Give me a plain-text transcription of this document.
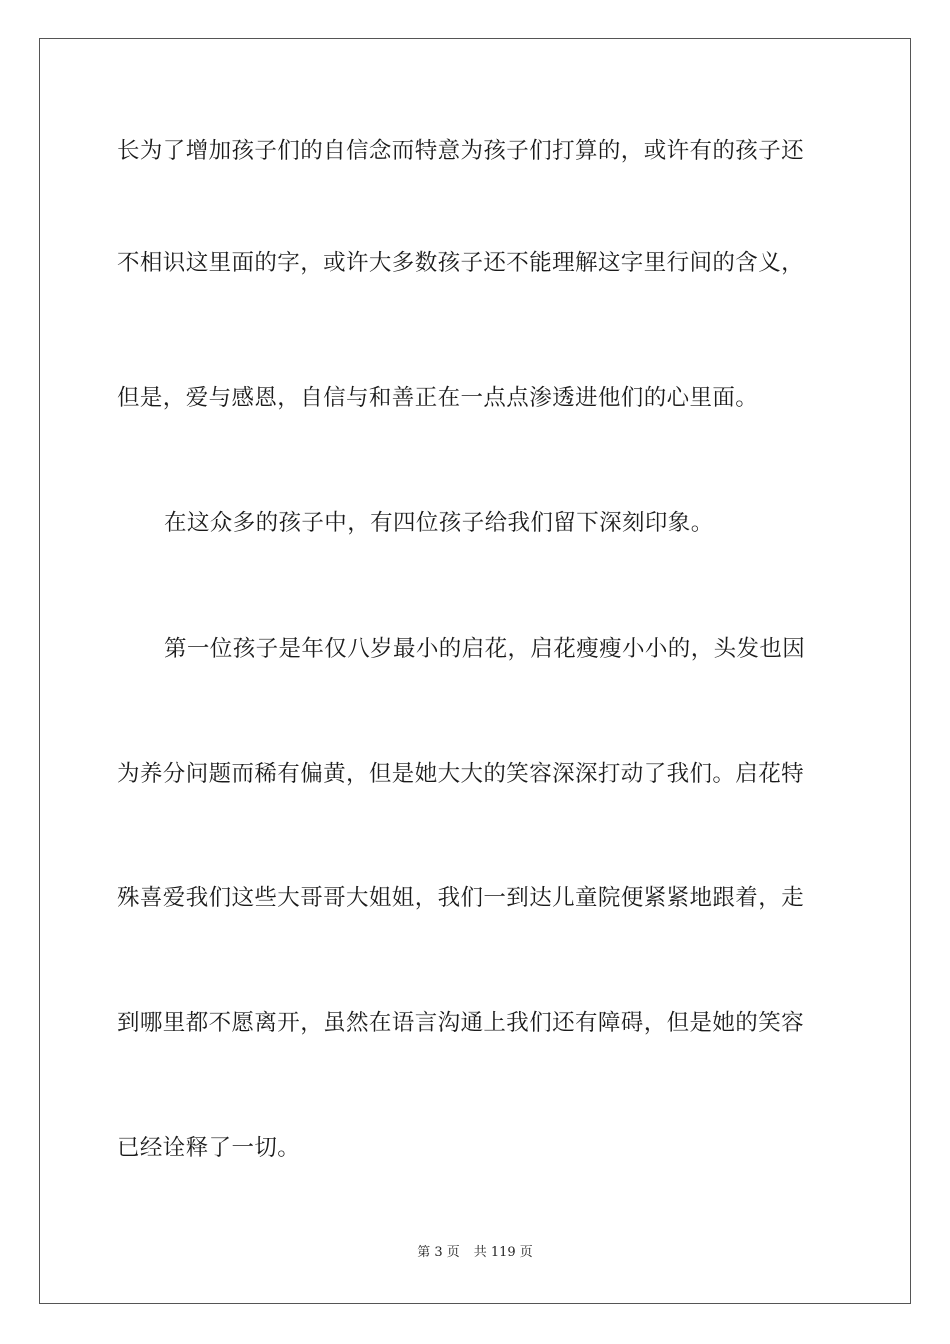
长为了增加孩子们的自信念而特意为孩子们打算的，或许有的孩子还
不相识这里面的字，或许大多数孩子还不能理解这字里行间的含义，
但是，爱与感恩，自信与和善正在一点点渗透进他们的心里面。
在这众多的孩子中，有四位孩子给我们留下深刻印象。
第一位孩子是年仅八岁最小的启花，启花瘦瘦小小的，头发也因
为养分问题而稀有偏黄，但是她大大的笑容深深打动了我们。启花特
殊喜爱我们这些大哥哥大姐姐，我们一到达儿童院便紧紧地跟着，走
到哪里都不愿离开，虽然在语言沟通上我们还有障碍，但是她的笑容
已经诠释了一切。
第 3 页 共 119 页
